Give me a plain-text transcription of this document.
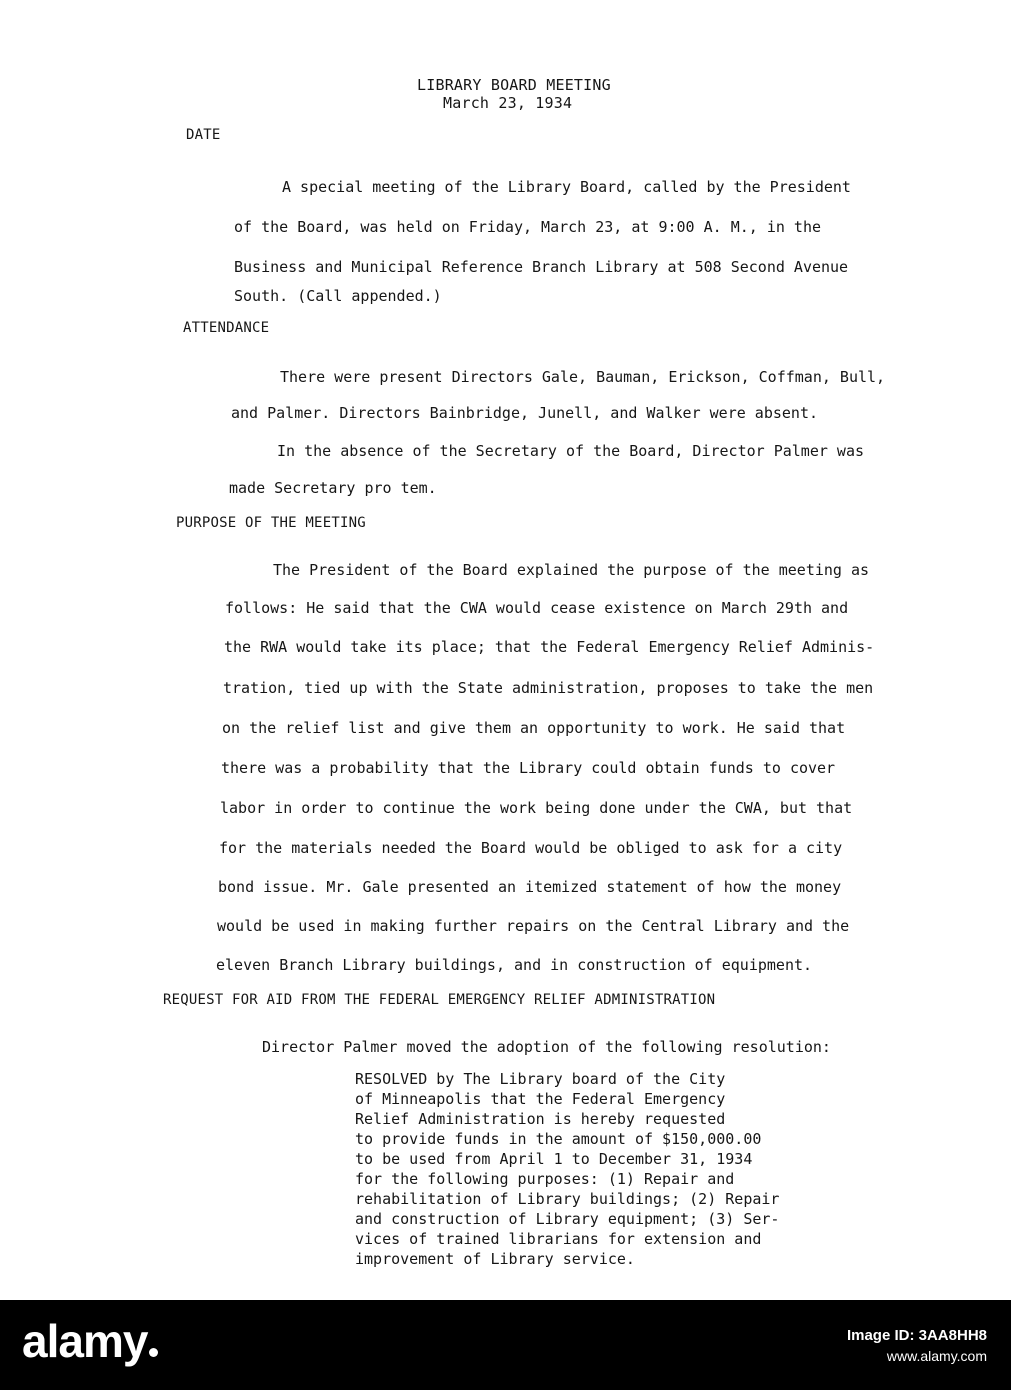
LIBRARY BOARD MEETING
March 23, 1934
DATE
A special meeting of the Library Board, called by the President
of the Board, was held on Friday, March 23, at 9:00 A. M., in the
Business and Municipal Reference Branch Library at 508 Second Avenue
South. (Call appended.)
ATTENDANCE
There were present Directors Gale, Bauman, Erickson, Coffman, Bull,
and Palmer. Directors Bainbridge, Junell, and Walker were absent.
In the absence of the Secretary of the Board, Director Palmer was
made Secretary pro tem.
PURPOSE OF THE MEETING
The President of the Board explained the purpose of the meeting as
follows: He said that the CWA would cease existence on March 29th and
the RWA would take its place; that the Federal Emergency Relief Adminis-
tration, tied up with the State administration, proposes to take the men
on the relief list and give them an opportunity to work. He said that
there was a probability that the Library could obtain funds to cover
labor in order to continue the work being done under the CWA, but that
for the materials needed the Board would be obliged to ask for a city
bond issue. Mr. Gale presented an itemized statement of how the money
would be used in making further repairs on the Central Library and the
eleven Branch Library buildings, and in construction of equipment.
REQUEST FOR AID FROM THE FEDERAL EMERGENCY RELIEF ADMINISTRATION
Director Palmer moved the adoption of the following resolution:
RESOLVED by The Library board of the City
of Minneapolis that the Federal Emergency
Relief Administration is hereby requested
to provide funds in the amount of $150,000.00
to be used from April 1 to December 31, 1934
for the following purposes: (1) Repair and
rehabilitation of Library buildings; (2) Repair
and construction of Library equipment; (3) Ser-
vices of trained librarians for extension and
improvement of Library service.
alamy	Image ID: 3AA8HH8
www.alamy.com
